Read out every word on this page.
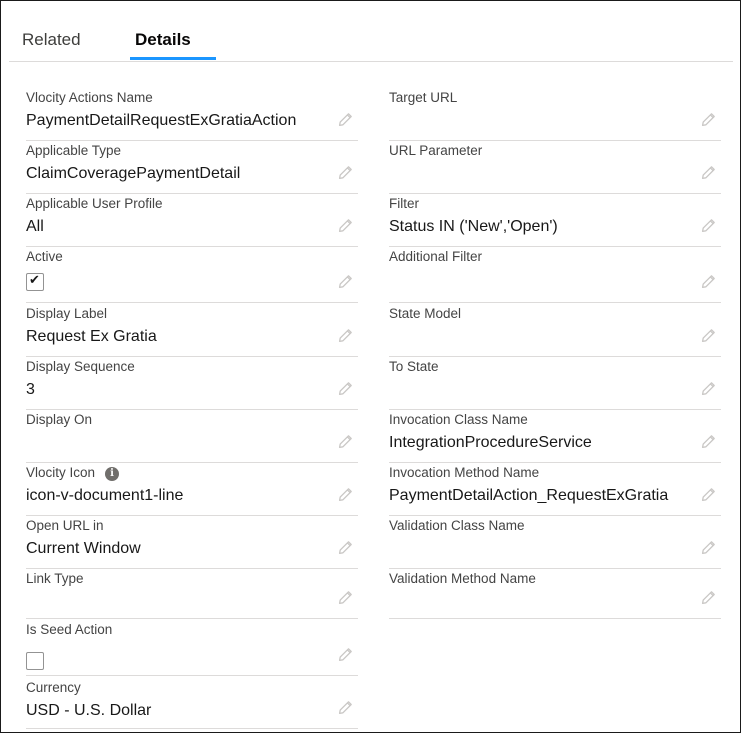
Related	Details
Vlocity Actions Name
PaymentDetailRequestExGratiaAction
Applicable Type
ClaimCoveragePaymentDetail
Applicable User Profile
All
Active
✔
Display Label
Request Ex Gratia
Display Sequence
3
Display On
Vlocity Icon i
icon-v-document1-line
Open URL in
Current Window
Link Type
Is Seed Action
Currency
USD - U.S. Dollar
Target URL
URL Parameter
Filter
Status IN ('New','Open')
Additional Filter
State Model
To State
Invocation Class Name
IntegrationProcedureService
Invocation Method Name
PaymentDetailAction_RequestExGratia
Validation Class Name
Validation Method Name
